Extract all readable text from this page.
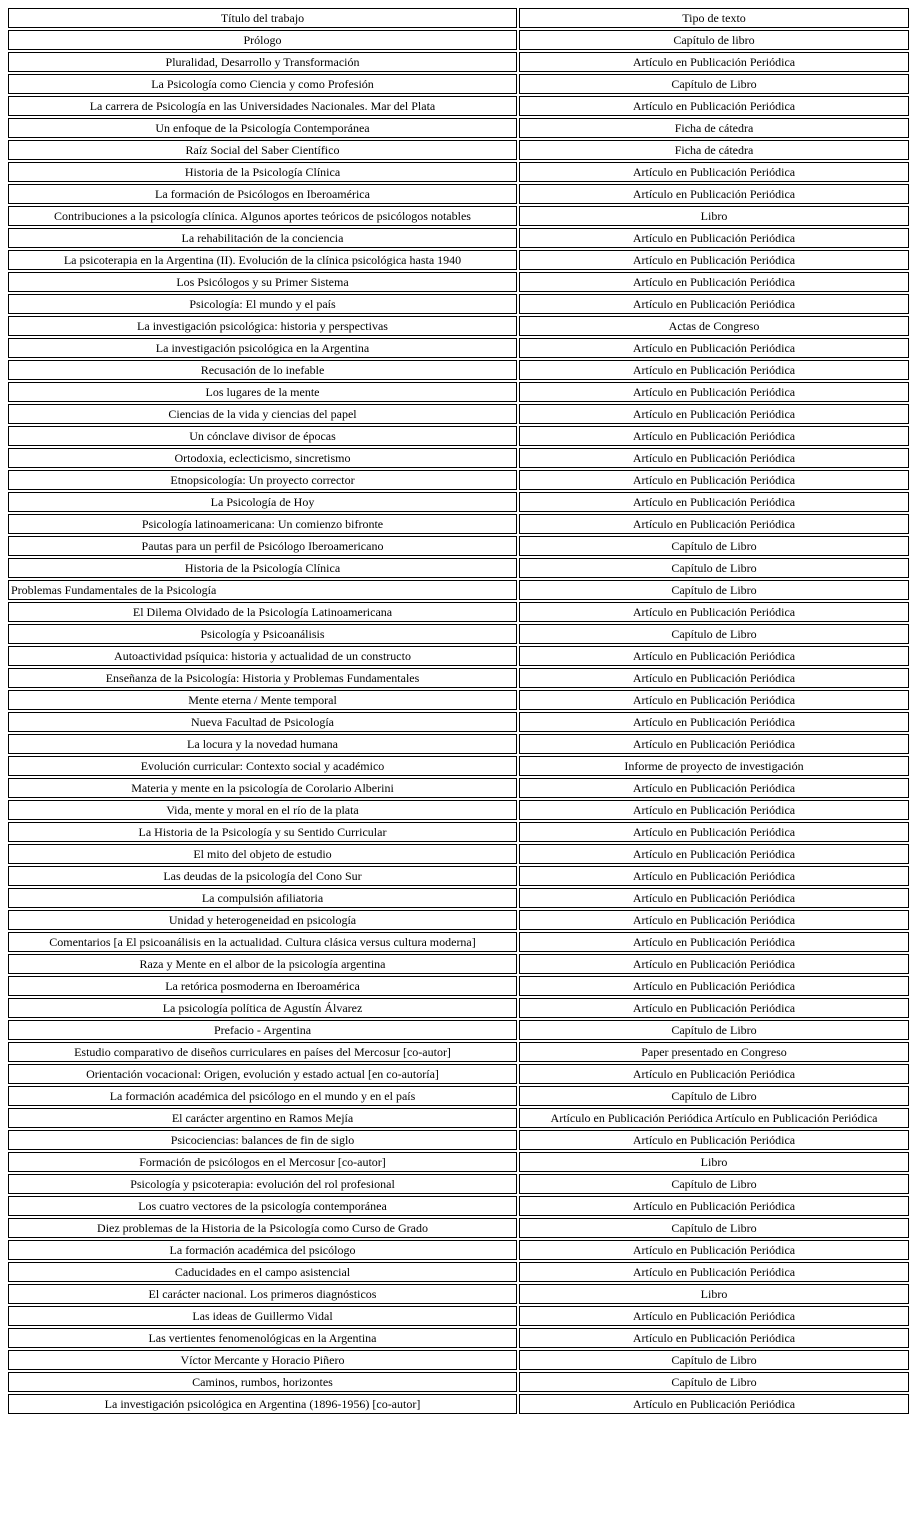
Título del trabajo	Tipo de texto
Prólogo	Capítulo de libro
Pluralidad, Desarrollo y Transformación	Artículo en Publicación Periódica
La Psicología como Ciencia y como Profesión	Capítulo de Libro
La carrera de Psicología en las Universidades Nacionales. Mar del Plata	Artículo en Publicación Periódica
Un enfoque de la Psicología Contemporánea	Ficha de cátedra
Raíz Social del Saber Científico	Ficha de cátedra
Historia de la Psicología Clínica	Artículo en Publicación Periódica
La formación de Psicólogos en Iberoamérica	Artículo en Publicación Periódica
Contribuciones a la psicología clínica. Algunos aportes teóricos de psicólogos notables	Libro
La rehabilitación de la conciencia	Artículo en Publicación Periódica
La psicoterapia en la Argentina (II). Evolución de la clínica psicológica hasta 1940	Artículo en Publicación Periódica
Los Psicólogos y su Primer Sistema	Artículo en Publicación Periódica
Psicología: El mundo y el país	Artículo en Publicación Periódica
La investigación psicológica: historia y perspectivas	Actas de Congreso
La investigación psicológica en la Argentina	Artículo en Publicación Periódica
Recusación de lo inefable	Artículo en Publicación Periódica
Los lugares de la mente	Artículo en Publicación Periódica
Ciencias de la vida y ciencias del papel	Artículo en Publicación Periódica
Un cónclave divisor de épocas	Artículo en Publicación Periódica
Ortodoxia, eclecticismo, sincretismo	Artículo en Publicación Periódica
Etnopsicología: Un proyecto corrector	Artículo en Publicación Periódica
La Psicología de Hoy	Artículo en Publicación Periódica
Psicología latinoamericana: Un comienzo bifronte	Artículo en Publicación Periódica
Pautas para un perfil de Psicólogo Iberoamericano	Capítulo de Libro
Historia de la Psicología Clínica	Capítulo de Libro
Problemas Fundamentales de la Psicología	Capítulo de Libro
El Dilema Olvidado de la Psicología Latinoamericana	Artículo en Publicación Periódica
Psicología y Psicoanálisis	Capítulo de Libro
Autoactividad psíquica: historia y actualidad de un constructo	Artículo en Publicación Periódica
Enseñanza de la Psicología: Historia y Problemas Fundamentales	Artículo en Publicación Periódica
Mente eterna / Mente temporal	Artículo en Publicación Periódica
Nueva Facultad de Psicología	Artículo en Publicación Periódica
La locura y la novedad humana	Artículo en Publicación Periódica
Evolución curricular: Contexto social y académico	Informe de proyecto de investigación
Materia y mente en la psicología de Corolario Alberini	Artículo en Publicación Periódica
Vida, mente y moral en el río de la plata	Artículo en Publicación Periódica
La Historia de la Psicología y su Sentido Curricular	Artículo en Publicación Periódica
El mito del objeto de estudio	Artículo en Publicación Periódica
Las deudas de la psicología del Cono Sur	Artículo en Publicación Periódica
La compulsión afiliatoria	Artículo en Publicación Periódica
Unidad y heterogeneidad en psicología	Artículo en Publicación Periódica
Comentarios [a El psicoanálisis en la actualidad. Cultura clásica versus cultura moderna]	Artículo en Publicación Periódica
Raza y Mente en el albor de la psicología argentina	Artículo en Publicación Periódica
La retórica posmoderna en Iberoamérica	Artículo en Publicación Periódica
La psicología política de Agustín Álvarez	Artículo en Publicación Periódica
Prefacio - Argentina	Capítulo de Libro
Estudio comparativo de diseños curriculares en países del Mercosur [co-autor]	Paper presentado en Congreso
Orientación vocacional: Origen, evolución y estado actual [en co-autoría]	Artículo en Publicación Periódica
La formación académica del psicólogo en el mundo y en el país	Capítulo de Libro
El carácter argentino en Ramos Mejía	Artículo en Publicación Periódica Artículo en Publicación Periódica
Psicociencias: balances de fin de siglo	Artículo en Publicación Periódica
Formación de psicólogos en el Mercosur [co-autor]	Libro
Psicología y psicoterapia: evolución del rol profesional	Capítulo de Libro
Los cuatro vectores de la psicología contemporánea	Artículo en Publicación Periódica
Diez problemas de la Historia de la Psicología como Curso de Grado	Capítulo de Libro
La formación académica del psicólogo	Artículo en Publicación Periódica
Caducidades en el campo asistencial	Artículo en Publicación Periódica
El carácter nacional. Los primeros diagnósticos	Libro
Las ideas de Guillermo Vidal	Artículo en Publicación Periódica
Las vertientes fenomenológicas en la Argentina	Artículo en Publicación Periódica
Víctor Mercante y Horacio Piñero	Capítulo de Libro
Caminos, rumbos, horizontes	Capítulo de Libro
La investigación psicológica en Argentina (1896-1956) [co-autor]	Artículo en Publicación Periódica
